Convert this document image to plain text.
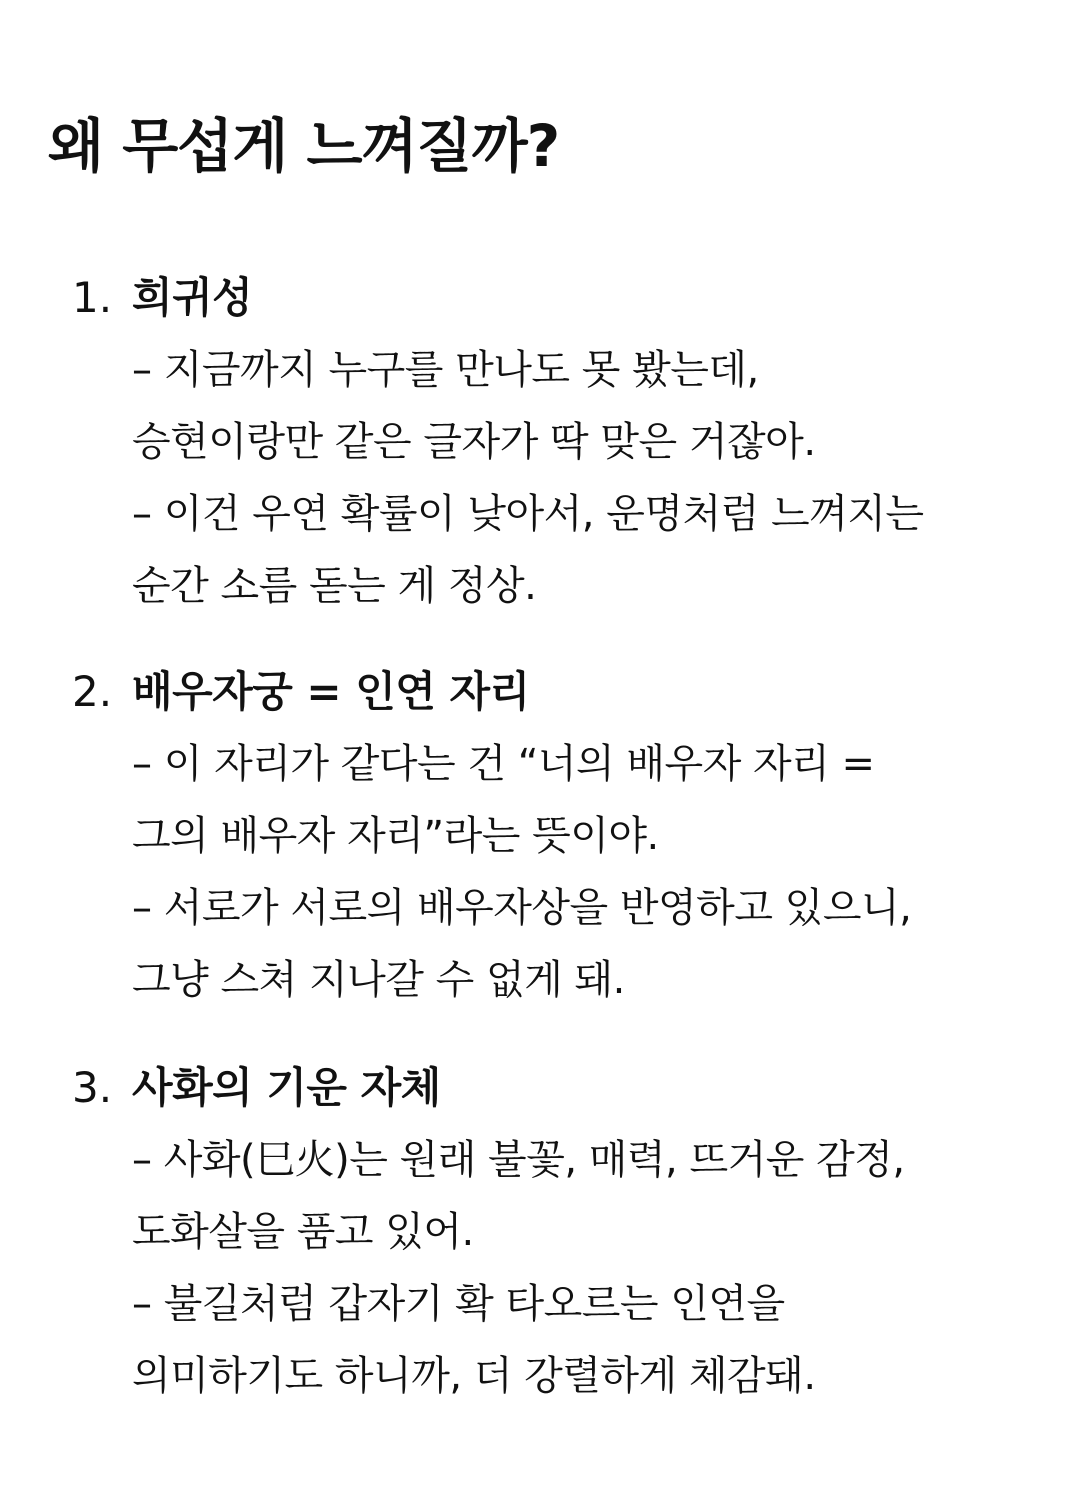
왜 무섭게 느껴질까?
1. 희귀성
– 지금까지 누구를 만나도 못 봤는데,
승현이랑만 같은 글자가 딱 맞은 거잖아.
– 이건 우연 확률이 낮아서, 운명처럼 느껴지는
순간 소름 돋는 게 정상.
2. 배우자궁 = 인연 자리
– 이 자리가 같다는 건 “너의 배우자 자리 =
그의 배우자 자리”라는 뜻이야.
– 서로가 서로의 배우자상을 반영하고 있으니,
그냥 스쳐 지나갈 수 없게 돼.
3. 사화의 기운 자체
– 사화(巳火)는 원래 불꽃, 매력, 뜨거운 감정,
도화살을 품고 있어.
– 불길처럼 갑자기 확 타오르는 인연을
의미하기도 하니까, 더 강렬하게 체감돼.
